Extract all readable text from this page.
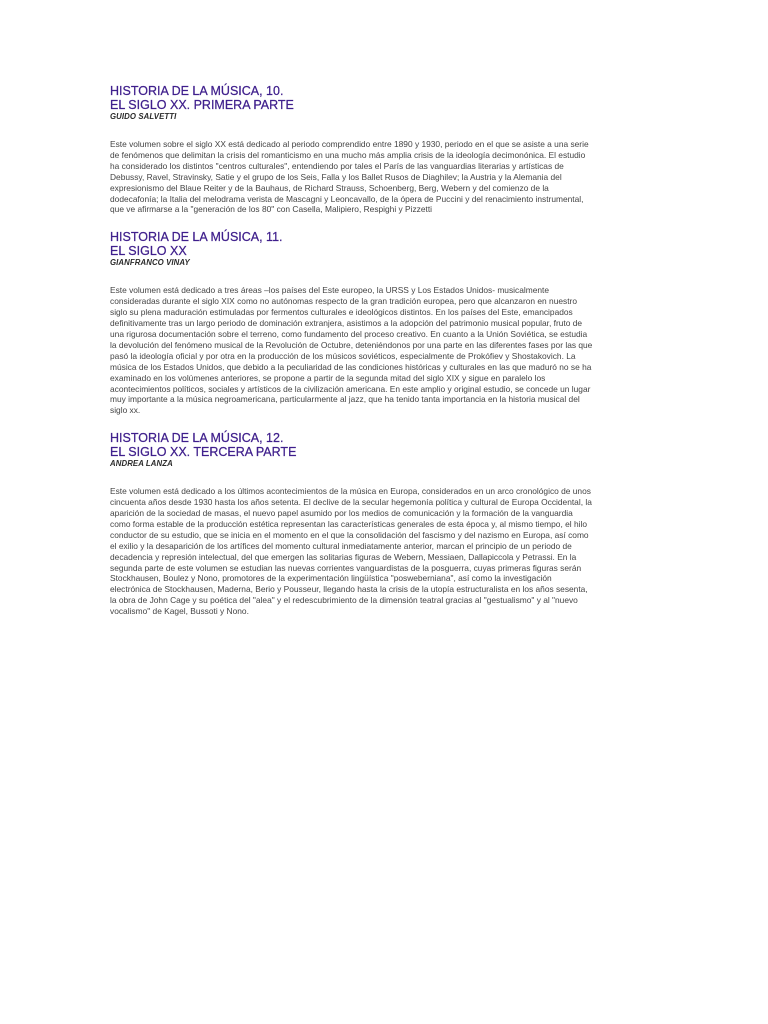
HISTORIA DE LA MÚSICA, 10.
EL SIGLO XX. PRIMERA PARTE

GUIDO SALVETTI

Este volumen sobre el siglo XX está dedicado al periodo comprendido entre 1890 y 1930, periodo en el que se asiste a una serie
de fenómenos que delimitan la crisis del romanticismo en una mucho más amplia crisis de la ideología decimonónica. El estudio
ha considerado los distintos "centros culturales", entendiendo por tales el París de las vanguardias literarias y artísticas de
Debussy, Ravel, Stravinsky, Satie y el grupo de los Seis, Falla y los Ballet Rusos de Diaghilev; la Austria y la Alemania del
expresionismo del Blaue Reiter y de la Bauhaus, de Richard Strauss, Schoenberg, Berg, Webern y del comienzo de la
dodecafonía; la Italia del melodrama verista de Mascagni y Leoncavallo, de la ópera de Puccini y del renacimiento instrumental,
que ve afirmarse a la "generación de los 80" con Casella, Malipiero, Respighi y Pizzetti

HISTORIA DE LA MÚSICA, 11.
EL SIGLO XX

GIANFRANCO VINAY

Este volumen está dedicado a tres áreas –los países del Este europeo, la URSS y Los Estados Unidos- musicalmente
consideradas durante el siglo XIX como no autónomas respecto de la gran tradición europea, pero que alcanzaron en nuestro
siglo su plena maduración estimuladas por fermentos culturales e ideológicos distintos. En los países del Este, emancipados
definitivamente tras un largo periodo de dominación extranjera, asistimos a la adopción del patrimonio musical popular, fruto de
una rigurosa documentación sobre el terreno, como fundamento del proceso creativo. En cuanto a la Unión Soviética, se estudia
la devolución del fenómeno musical de la Revolución de Octubre, deteniéndonos por una parte en las diferentes fases por las que
pasó la ideología oficial y por otra en la producción de los músicos soviéticos, especialmente de Prokófiev y Shostakovich. La
música de los Estados Unidos, que debido a la peculiaridad de las condiciones históricas y culturales en las que maduró no se ha
examinado en los volúmenes anteriores, se propone a partir de la segunda mitad del siglo XIX y sigue en paralelo los
acontecimientos políticos, sociales y artísticos de la civilización americana. En este amplio y original estudio, se concede un lugar
muy importante a la música negroamericana, particularmente al jazz, que ha tenido tanta importancia en la historia musical del
siglo xx.

HISTORIA DE LA MÚSICA, 12.
EL SIGLO XX. TERCERA PARTE

ANDREA LANZA

Este volumen está dedicado a los últimos acontecimientos de la música en Europa, considerados en un arco cronológico de unos
cincuenta años desde 1930 hasta los años setenta. El declive de la secular hegemonía política y cultural de Europa Occidental, la
aparición de la sociedad de masas, el nuevo papel asumido por los medios de comunicación y la formación de la vanguardia
como forma estable de la producción estética representan las características generales de esta época y, al mismo tiempo, el hilo
conductor de su estudio, que se inicia en el momento en el que la consolidación del fascismo y del nazismo en Europa, así como
el exilio y la desaparición de los artífices del momento cultural inmediatamente anterior, marcan el principio de un periodo de
decadencia y represión intelectual, del que emergen las solitarias figuras de Webern, Messiaen, Dallapiccola y Petrassi. En la
segunda parte de este volumen se estudian las nuevas corrientes vanguardistas de la posguerra, cuyas primeras figuras serán
Stockhausen, Boulez y Nono, promotores de la experimentación lingüística "posweberniana", así como la investigación
electrónica de Stockhausen, Maderna, Berio y Pousseur, llegando hasta la crisis de la utopía estructuralista en los años sesenta,
la obra de John Cage y su poética del "alea" y el redescubrimiento de la dimensión teatral gracias al "gestualismo" y al "nuevo
vocalismo" de Kagel, Bussoti y Nono.
